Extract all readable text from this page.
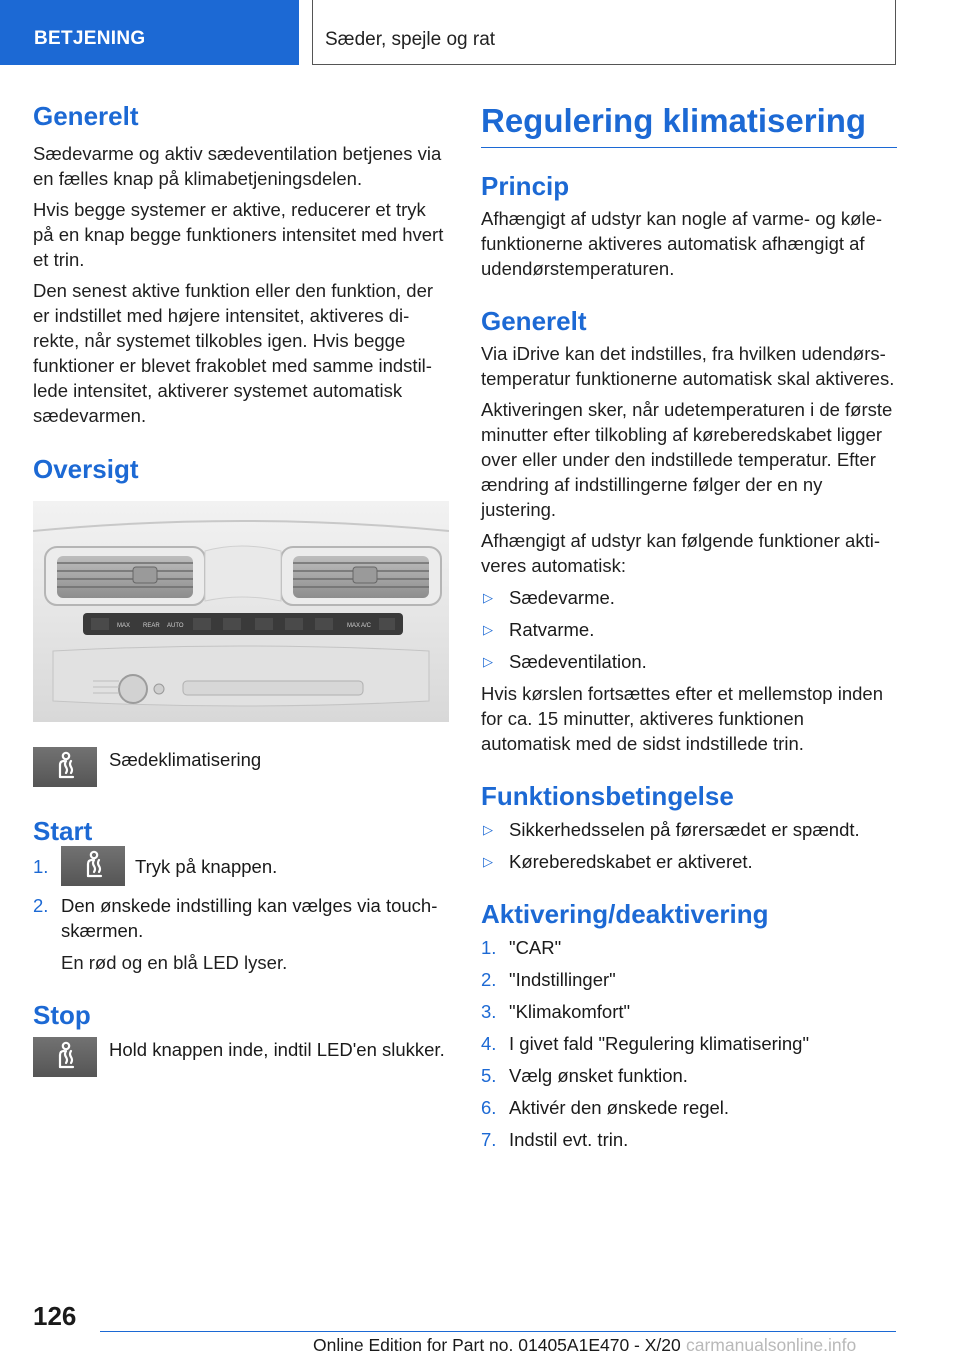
BETJENING	Sæder, spejle og rat
Generelt

Sædevarme og aktiv sædeventilation betjenes via en fælles knap på klimabetjeningsdelen.

Hvis begge systemer er aktive, reducerer et tryk på en knap begge funktioners intensitet med hvert et trin.

Den senest aktive funktion eller den funktion, der er indstillet med højere intensitet, aktiveres direkte, når systemet tilkobles igen. Hvis begge funktioner er blevet frakoblet med samme indstillede intensitet, aktiverer systemet automatisk sædevarmen.

Oversigt
MAX REAR AUTO	MAX A/C
Sædeklimatisering
Start
1.	Tryk på knappen.
2. Den ønskede indstilling kan vælges via touchskærmen.

En rød og en blå LED lyser.

Stop
Hold knappen inde, indtil LED'en slukker.
Regulering klimatisering
Princip

Afhængigt af udstyr kan nogle af varme- og kølefunktionerne aktiveres automatisk afhængigt af udendørstemperaturen.

Generelt

Via iDrive kan det indstilles, fra hvilken udendørstemperatur funktionerne automatisk skal aktiveres.

Aktiveringen sker, når udetemperaturen i de første minutter efter tilkobling af køreberedskabet ligger over eller under den indstillede temperatur. Efter ændring af indstillingerne følger der en ny justering.

Afhængigt af udstyr kan følgende funktioner aktiveres automatisk:

▷ Sædevarme.
▷ Ratvarme.
▷ Sædeventilation.

Hvis kørslen fortsættes efter et mellemstop inden for ca. 15 minutter, aktiveres funktionen automatisk med de sidst indstillede trin.

Funktionsbetingelse
▷ Sikkerhedsselen på førersædet er spændt.
▷ Køreberedskabet er aktiveret.
Aktivering/deaktivering
1. "CAR"
2. "Indstillinger"
3. "Klimakomfort"
4. I givet fald "Regulering klimatisering"
5. Vælg ønsket funktion.
6. Aktivér den ønskede regel.
7. Indstil evt. trin.
126
Online Edition for Part no. 01405A1E470 - X/20 carmanualsonline.info
